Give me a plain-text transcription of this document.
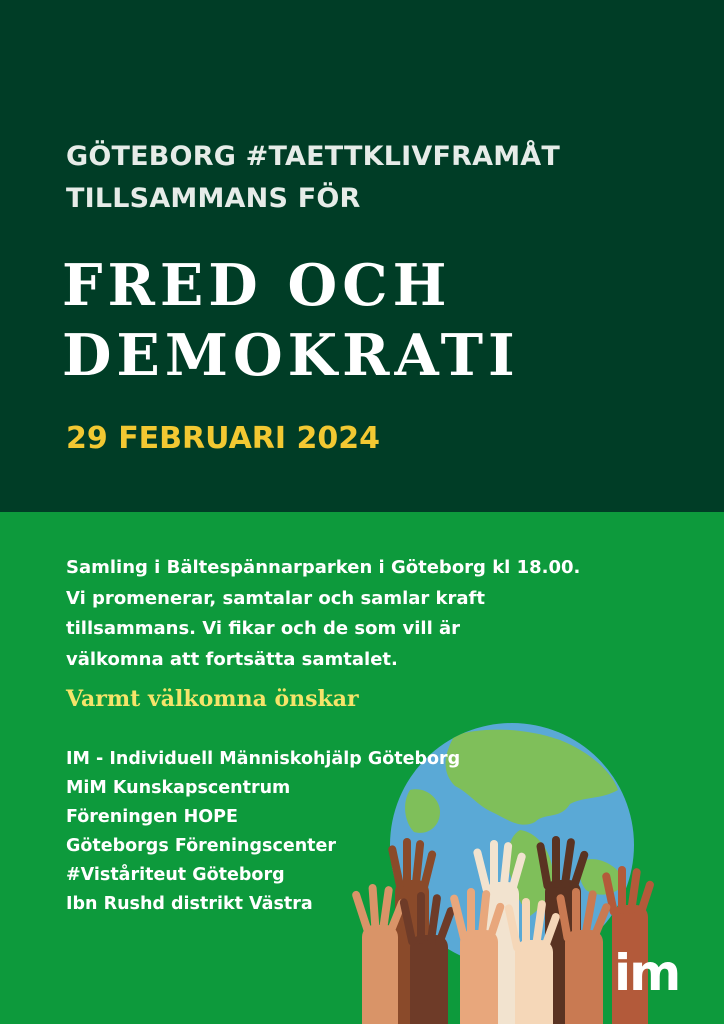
GÖTEBORG #TAETTKLIVFRAMÅT
TILLSAMMANS FÖR
FRED OCH
DEMOKRATI
29 FEBRUARI 2024
Samling i Bältespännarparken i Göteborg kl 18.00.
Vi promenerar, samtalar och samlar kraft
tillsammans. Vi fikar och de som vill är
välkomna att fortsätta samtalet.
Varmt välkomna önskar
IM - Individuell Människohjälp Göteborg
MiM Kunskapscentrum
Föreningen HOPE
Göteborgs Föreningscenter
#Viståriteut Göteborg
Ibn Rushd distrikt Västra
im
